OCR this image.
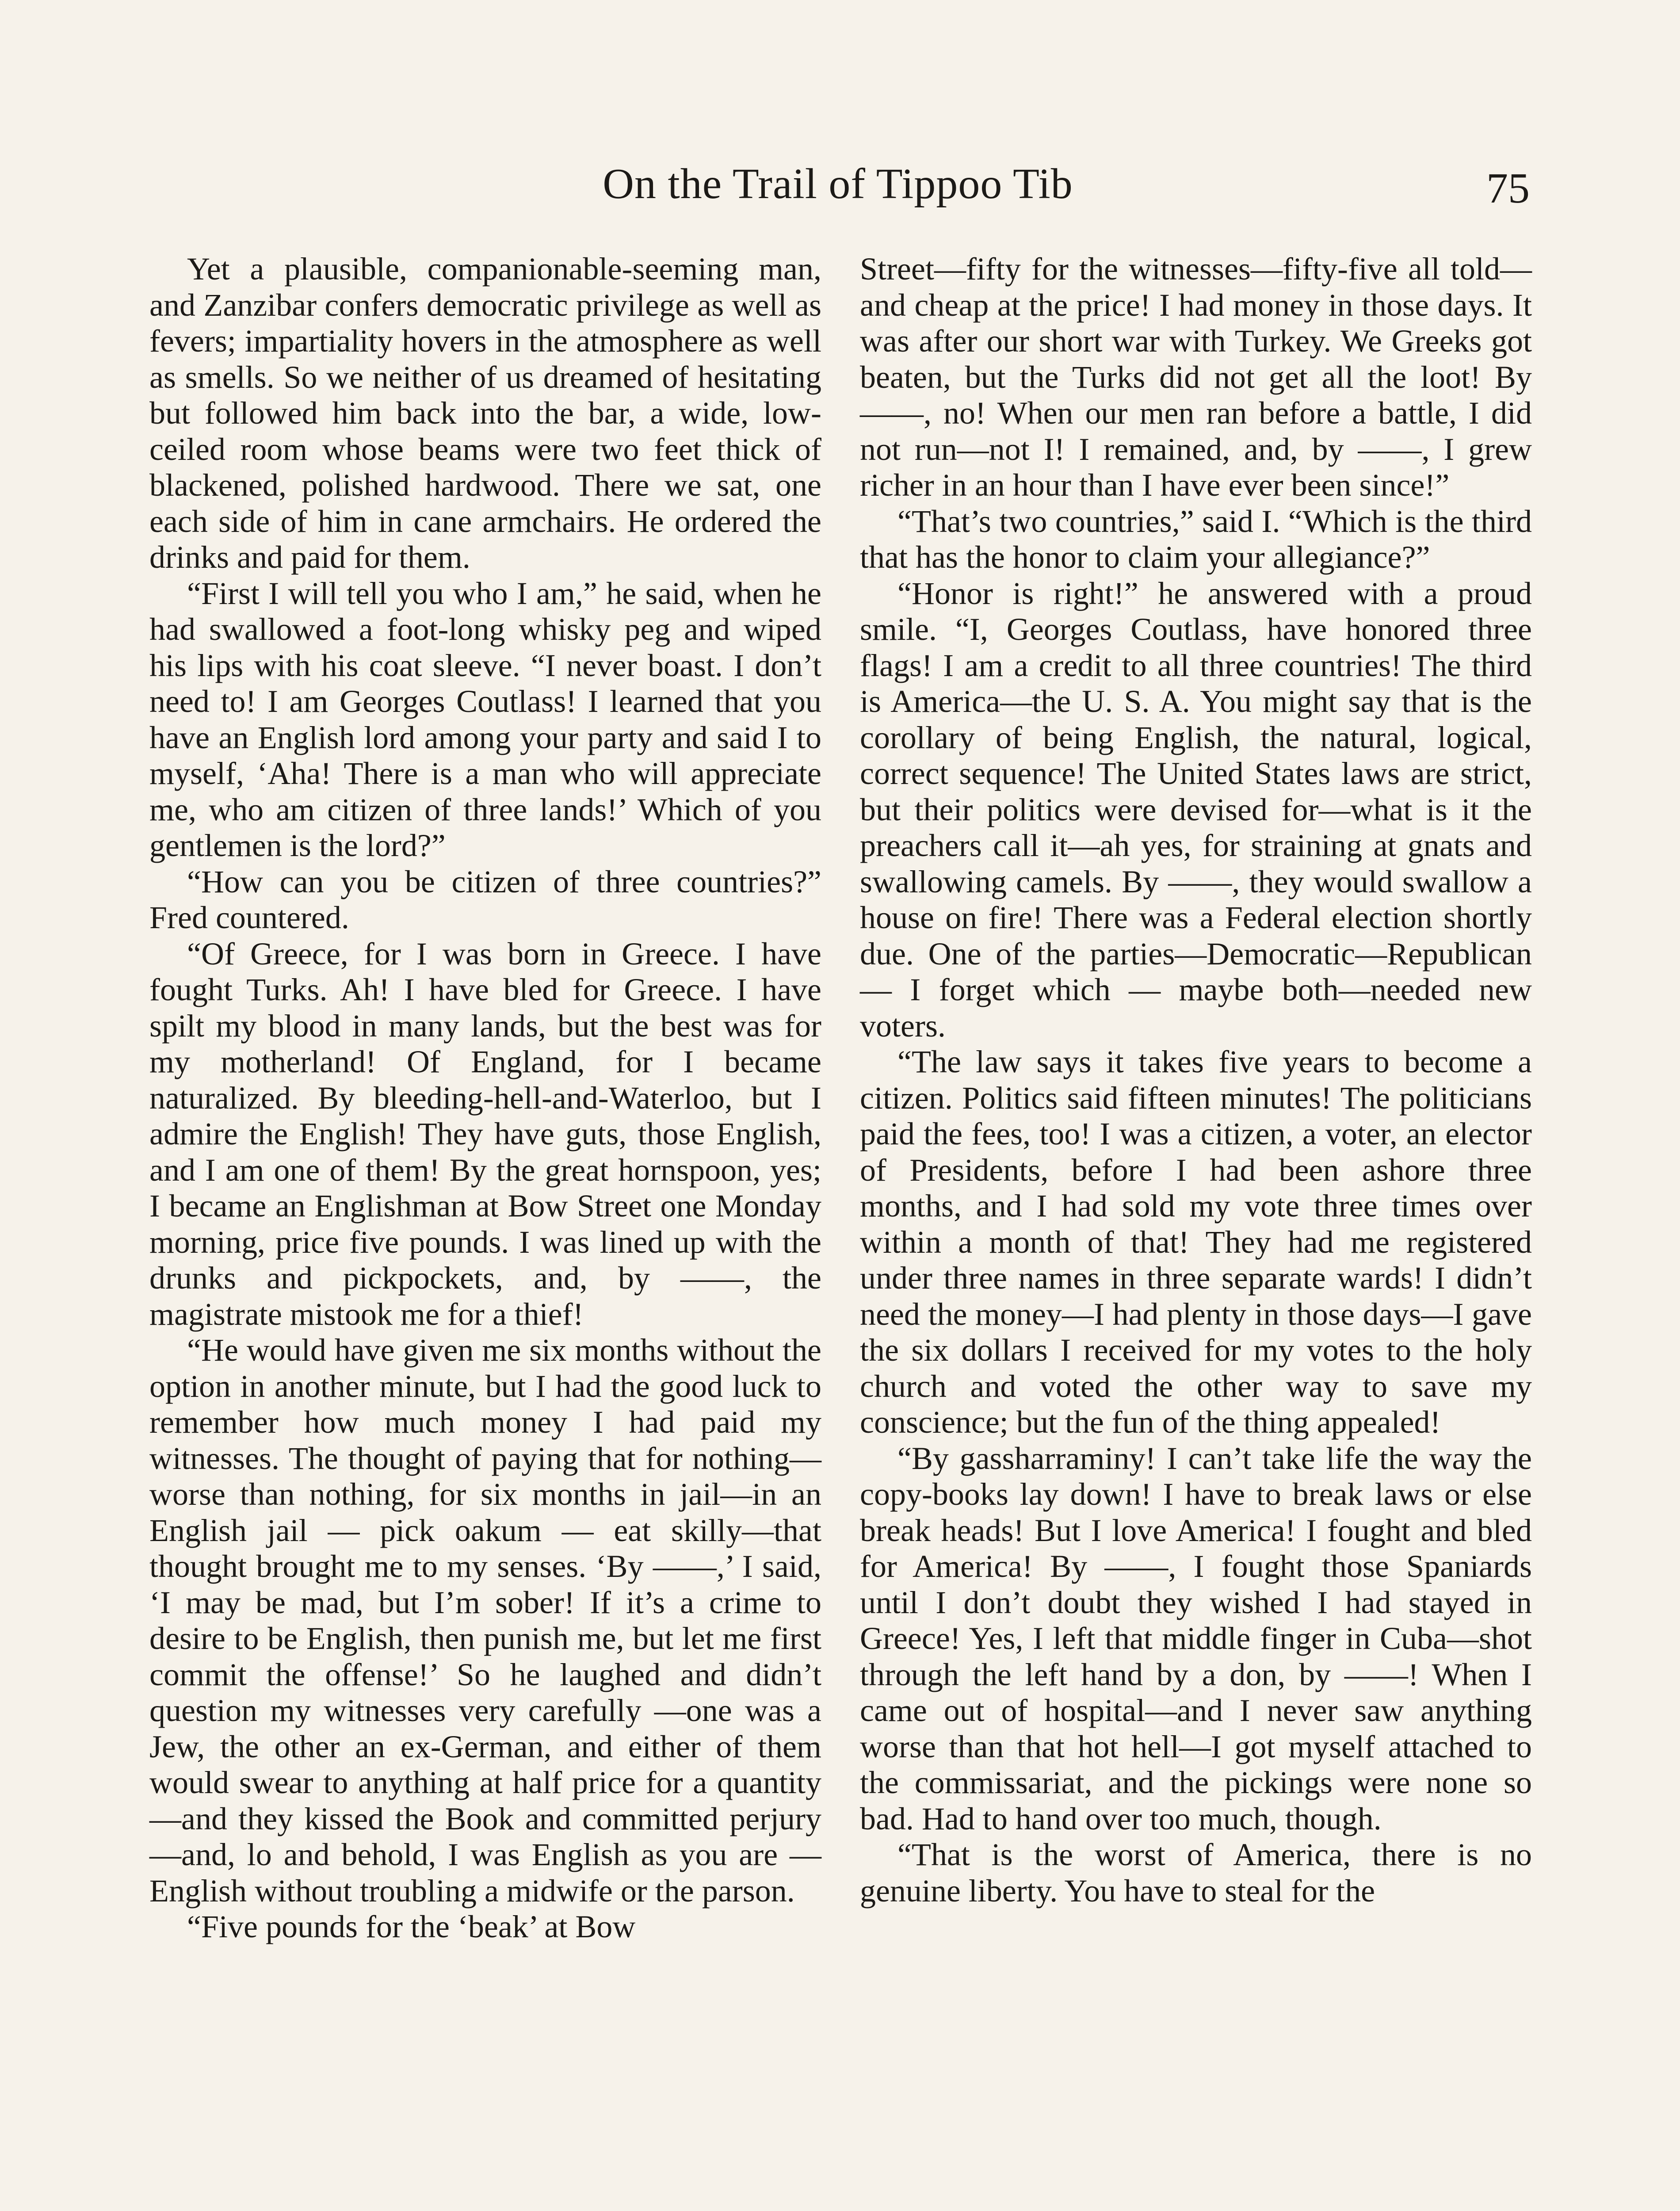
On the Trail of Tippoo Tib	75

Yet a plausible, companionable-seeming man, and Zanzibar confers democratic privilege as well as fevers; impartiality hovers in the atmosphere as well as smells. So we neither of us dreamed of hesitating but followed him back into the bar, a wide, low-ceiled room whose beams were two feet thick of blackened, polished hardwood. There we sat, one each side of him in cane armchairs. He ordered the drinks and paid for them.

“First I will tell you who I am,” he said, when he had swallowed a foot-long whisky peg and wiped his lips with his coat sleeve. “I never boast. I don’t need to! I am Georges Coutlass! I learned that you have an English lord among your party and said I to myself, ‘Aha! There is a man who will appreciate me, who am citizen of three lands!’ Which of you gentlemen is the lord?”

“How can you be citizen of three countries?” Fred countered.

“Of Greece, for I was born in Greece. I have fought Turks. Ah! I have bled for Greece. I have spilt my blood in many lands, but the best was for my motherland! Of England, for I became naturalized. By bleeding-hell-and-Waterloo, but I admire the English! They have guts, those English, and I am one of them! By the great hornspoon, yes; I became an Englishman at Bow Street one Monday morning, price five pounds. I was lined up with the drunks and pickpockets, and, by ——, the magistrate mistook me for a thief!

“He would have given me six months without the option in another minute, but I had the good luck to remember how much money I had paid my witnesses. The thought of paying that for nothing—worse than nothing, for six months in jail—in an English jail — pick oakum — eat skilly—that thought brought me to my senses. ‘By ——,’ I said, ‘I may be mad, but I’m sober! If it’s a crime to desire to be English, then punish me, but let me first commit the offense!’ So he laughed and didn’t question my witnesses very carefully —one was a Jew, the other an ex-German, and either of them would swear to anything at half price for a quantity—and they kissed the Book and committed perjury—and, lo and behold, I was English as you are —English without troubling a midwife or the parson.

“Five pounds for the ‘beak’ at Bow

Street—fifty for the witnesses—fifty-five all told—and cheap at the price! I had money in those days. It was after our short war with Turkey. We Greeks got beaten, but the Turks did not get all the loot! By ——, no! When our men ran before a battle, I did not run—not I! I remained, and, by ——, I grew richer in an hour than I have ever been since!”

“That’s two countries,” said I. “Which is the third that has the honor to claim your allegiance?”

“Honor is right!” he answered with a proud smile. “I, Georges Coutlass, have honored three flags! I am a credit to all three countries! The third is America—the U. S. A. You might say that is the corollary of being English, the natural, logical, correct sequence! The United States laws are strict, but their politics were devised for—what is it the preachers call it—ah yes, for straining at gnats and swallowing camels. By ——, they would swallow a house on fire! There was a Federal election shortly due. One of the parties—Democratic—Republican — I forget which — maybe both—needed new voters.

“The law says it takes five years to become a citizen. Politics said fifteen minutes! The politicians paid the fees, too! I was a citizen, a voter, an elector of Presidents, before I had been ashore three months, and I had sold my vote three times over within a month of that! They had me registered under three names in three separate wards! I didn’t need the money—I had plenty in those days—I gave the six dollars I received for my votes to the holy church and voted the other way to save my conscience; but the fun of the thing appealed!

“By gassharraminy! I can’t take life the way the copy-books lay down! I have to break laws or else break heads! But I love America! I fought and bled for America! By ——, I fought those Spaniards until I don’t doubt they wished I had stayed in Greece! Yes, I left that middle finger in Cuba—shot through the left hand by a don, by ——! When I came out of hospital—and I never saw anything worse than that hot hell—I got myself attached to the commissariat, and the pickings were none so bad. Had to hand over too much, though.

“That is the worst of America, there is no genuine liberty. You have to steal for the
